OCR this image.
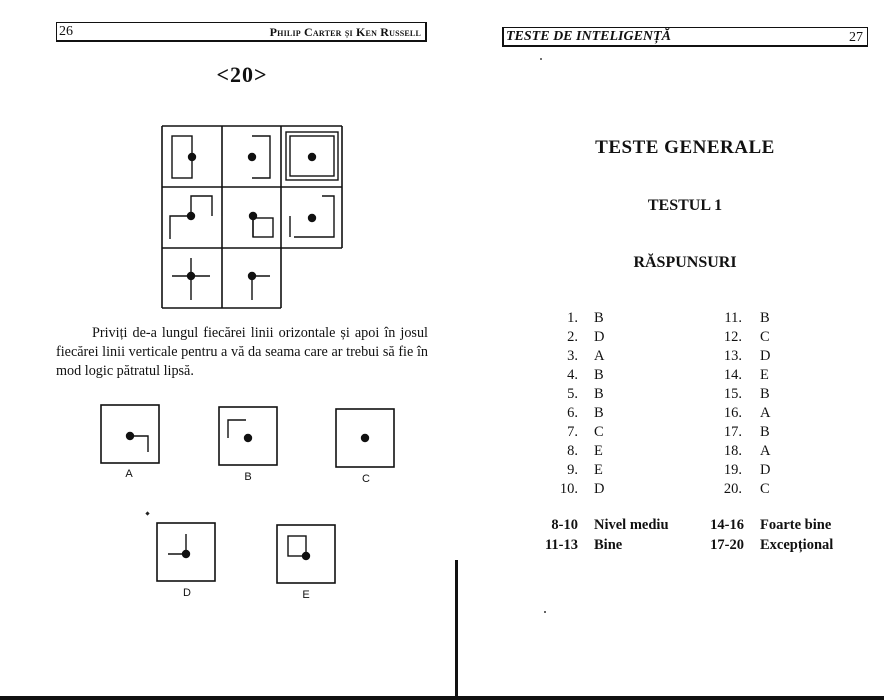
26	Philip Carter și Ken Russell	TESTE DE INTELIGENȚĂ	27
<20>
Priviți de-a lungul fiecărei linii orizontale și apoi în josul fiecărei linii verticale pentru a vă da seama care ar trebui să fie în mod logic pătratul lipsă.
A	B	C
D	E
TESTE GENERALE
TESTUL 1
RĂSPUNSURI
1. B
2. D
3. A
4. B
5. B
6. B
7. C
8. E
9. E
10. D
11. B
12. C
13. D
14. E
15. B
16. A
17. B
18. A
19. D
20. C
8-10 Nivel mediu
11-13 Bine
14-16 Foarte bine
17-20 Excepțional
